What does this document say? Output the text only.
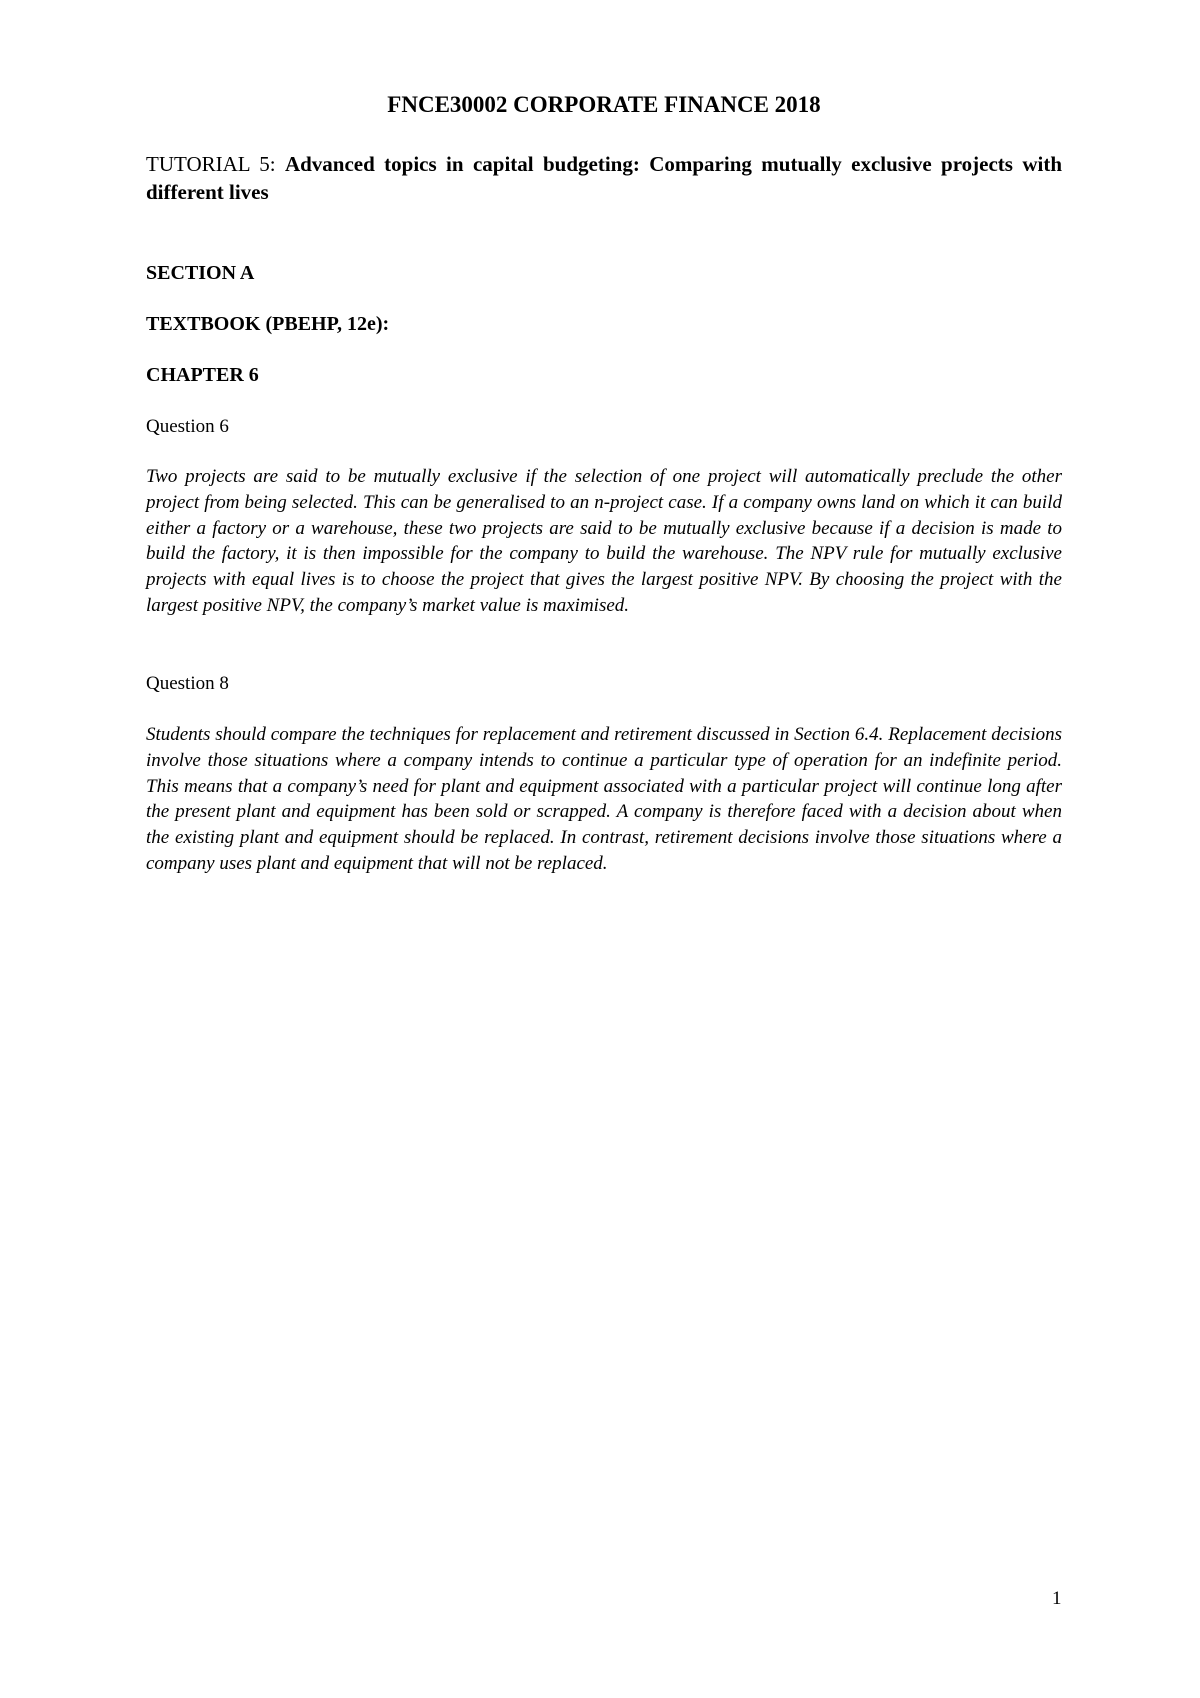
FNCE30002 CORPORATE FINANCE 2018

TUTORIAL 5: Advanced topics in capital budgeting: Comparing mutually exclusive projects with different lives

SECTION A
TEXTBOOK (PBEHP, 12e):
CHAPTER 6

Question 6

Two projects are said to be mutually exclusive if the selection of one project will automatically preclude the other project from being selected. This can be generalised to an n-project case. If a company owns land on which it can build either a factory or a warehouse, these two projects are said to be mutually exclusive because if a decision is made to build the factory, it is then impossible for the company to build the warehouse. The NPV rule for mutually exclusive projects with equal lives is to choose the project that gives the largest positive NPV. By choosing the project with the largest positive NPV, the company’s market value is maximised.

Question 8

Students should compare the techniques for replacement and retirement discussed in Section 6.4. Replacement decisions involve those situations where a company intends to continue a particular type of operation for an indefinite period. This means that a company’s need for plant and equipment associated with a particular project will continue long after the present plant and equipment has been sold or scrapped. A company is therefore faced with a decision about when the existing plant and equipment should be replaced. In contrast, retirement decisions involve those situations where a company uses plant and equipment that will not be replaced.

1
